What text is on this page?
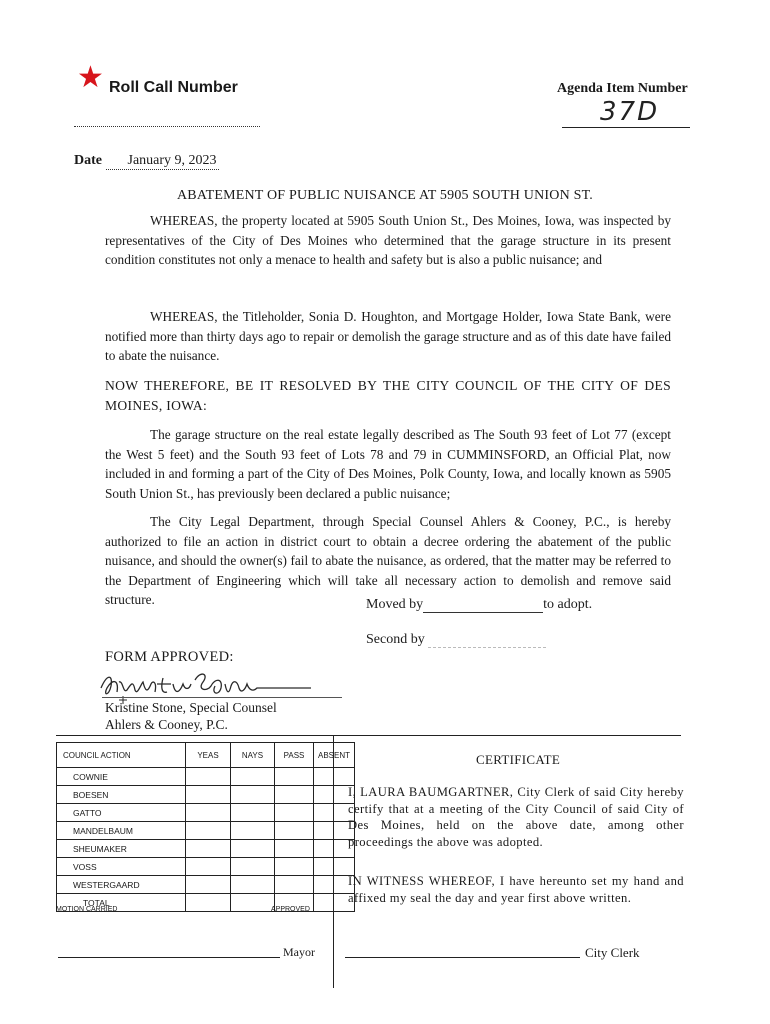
★ Roll Call Number	Agenda Item Number
37D
Date January 9, 2023
ABATEMENT OF PUBLIC NUISANCE AT 5905 SOUTH UNION ST.
WHEREAS, the property located at 5905 South Union St., Des Moines, Iowa, was inspected by representatives of the City of Des Moines who determined that the garage structure in its present condition constitutes not only a menace to health and safety but is also a public nuisance; and
WHEREAS, the Titleholder, Sonia D. Houghton, and Mortgage Holder, Iowa State Bank, were notified more than thirty days ago to repair or demolish the garage structure and as of this date have failed to abate the nuisance.
NOW THEREFORE, BE IT RESOLVED BY THE CITY COUNCIL OF THE CITY OF DES MOINES, IOWA:
The garage structure on the real estate legally described as The South 93 feet of Lot 77 (except the West 5 feet) and the South 93 feet of Lots 78 and 79 in CUMMINSFORD, an Official Plat, now included in and forming a part of the City of Des Moines, Polk County, Iowa, and locally known as 5905 South Union St., has previously been declared a public nuisance;
The City Legal Department, through Special Counsel Ahlers & Cooney, P.C., is hereby authorized to file an action in district court to obtain a decree ordering the abatement of the public nuisance, and should the owner(s) fail to abate the nuisance, as ordered, that the matter may be referred to the Department of Engineering which will take all necessary action to demolish and remove said structure.	Moved by	to adopt.
Second by
FORM APPROVED:
Kristine Stone, Special Counsel
Ahlers & Cooney, P.C.
COUNCIL ACTION	YEAS	NAYS	PASS	ABSENT
COWNIE				
BOESEN				
GATTO				
MANDELBAUM				
SHEUMAKER				
VOSS				
WESTERGAARD				
TOTAL				
MOTION CARRIED	APPROVED
Mayor
CERTIFICATE
I, LAURA BAUMGARTNER, City Clerk of said City hereby certify that at a meeting of the City Council of said City of Des Moines, held on the above date, among other proceedings the above was adopted.
IN WITNESS WHEREOF, I have hereunto set my hand and affixed my seal the day and year first above written.
City Clerk
